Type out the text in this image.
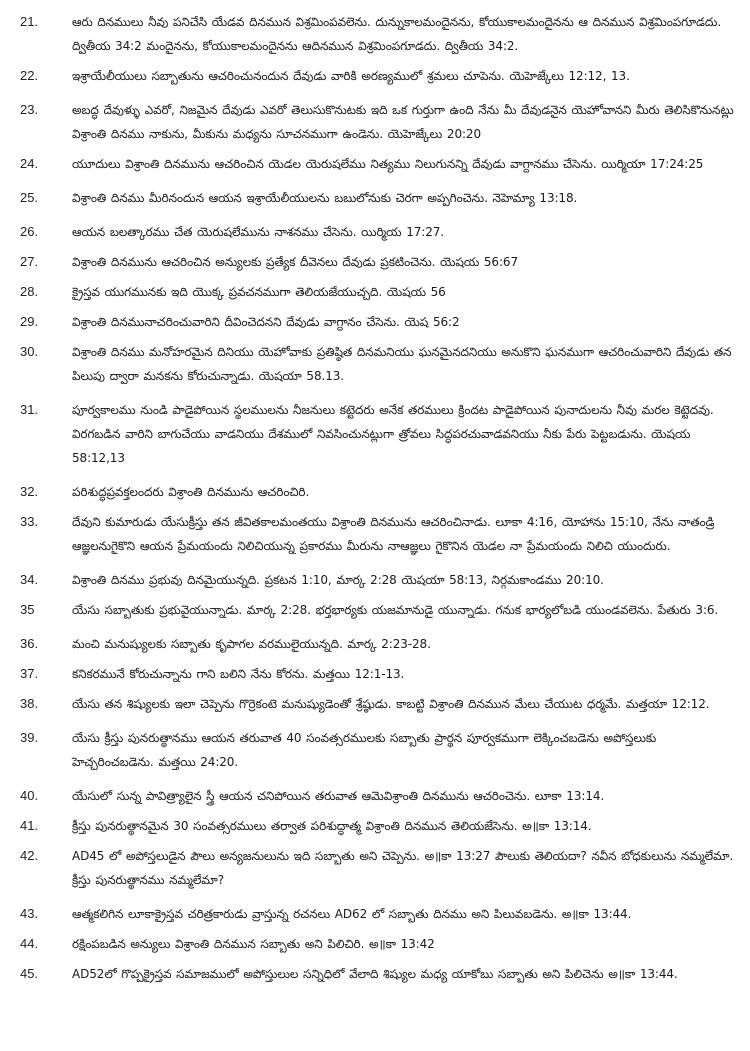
21.	ఆరు దినములు నీవు పనిచేసి యేడవ దినమున విశ్రమింపవలెను. దున్నుకాలమందైనను, కోయుకాలమందైనను ఆ దినమున విశ్రమింపగూడదు. ద్వితీయ 34:2 మందైనను, కోయుకాలమందైనను ఆదినమున విశ్రమింపగూడదు. ద్వితీయ 34:2.
22.	ఇశ్రాయేలీయులు సబ్బాతును ఆచరించునందున దేవుడు వారికి అరణ్యములో శ్రమలు చూపెను. యెహెజ్కేలు 12:12, 13.
23.	అబద్ధ దేవుళ్ళు ఎవరో, నిజమైన దేవుడు ఎవరో తెలుసుకొనుటకు ఇది ఒక గుర్తుగా ఉంది నేను మీ దేవుడనైన యెహోవానని మీరు తెలిసికొనునట్లు విశ్రాంతి దినము నాకును, మీకును మధ్యను సూచనముగా ఉండెను. యెహెజ్కేలు 20:20
24.	యూదులు విశ్రాంతి దినమును ఆచరించిన యెడల యెరుషలేము నిత్యము నిలుగునన్ని దేవుడు వాగ్దానము చేసెను. యిర్మియా 17:24:25
25.	విశ్రాంతి దినము మీరినందున ఆయన ఇశ్రాయేలీయులను బబులోనుకు చెరగా అప్పగించెను. నెహెమ్యా 13:18.
26.	ఆయన బలత్కారము చేత యెరుషలేమును నాశనము చేసెను. యిర్మియ 17:27.
27.	విశ్రాంతి దినమును ఆచరించిన అన్యులకు ప్రత్యేక దీవెనలు దేవుడు ప్రకటించెను. యెషయ 56:67
28.	క్రైస్తవ యుగమునకు ఇది యొక్క ప్రవచనముగా తెలియజేయుచ్చది. యెషయ 56
29.	విశ్రాంతి దినమునాచరించువారిని దీవించెదనని దేవుడు వాగ్దానం చేసెను. యెష 56:2
30.	విశ్రాంతి దినము మనోహరమైన దినియు యెహోవాకు ప్రతిష్ఠిత దినమనియు ఘనమైనదనియు అనుకొని ఘనముగా ఆచరించువారిని దేవుడు తన పిలుపు ద్వారా మనకను కోరుచున్నాడు. యెషయా 58.13.
31.	పూర్వకాలము నుండి పాడైపోయిన స్థలములను నీజనులు కట్టెదరు అనేక తరములు క్రిందట పాడైపోయిన పునాదులను నీవు మరల కెట్టెదవు. విరగబడిన వారిని బాగుచేయు వాడనియు దేశములో నివసించునట్లుగా త్రోవలు సిద్ధపరచువాడవనియు నీకు పేరు పెట్టబడును. యెషయ 58:12,13
32.	పరిశుద్ధప్రవక్తలందరు విశ్రాంతి దినమును ఆచరించిరి.
33.	దేవుని కుమారుడు యేసుక్రీస్తు తన జీవితకాలమంతయు విశ్రాంతి దినమును ఆచరించినాడు. లూకా 4:16, యోహాను 15:10, నేను నాతండ్రి ఆజ్ఞలనుగైకొని ఆయన ప్రేమయందు నిలిచియున్న ప్రకారము మీరును నాఆజ్ఞలు గైకొనిన యెడల నా ప్రేమయందు నిలిచి యుందురు.
34.	విశ్రాంతి దినము ప్రభువు దినమైయున్నది. ప్రకటన 1:10, మార్క 2:28 యెషయా 58:13, నిర్గమకాండము 20:10.
35	యేసు సబ్బాతుకు ప్రభువైయున్నాడు. మార్క 2:28. భర్తభార్యకు యజమానుడై యున్నాడు. గనుక భార్యలోబడి యుండవలెను. పేతురు 3:6.
36.	మంచి మనుష్యులకు సబ్బాతు కృపాగల వరములైయున్నది. మార్క 2:23-28.
37.	కనికరమునే కోరుచున్నాను గాని బలిని నేను కోరను. మత్తయి 12:1-13.
38.	యేసు తన శిష్యులకు ఇలా చెప్పెను గొర్రెకంటె మనుష్యుడెంతో శ్రేష్ఠుడు. కాబట్టి విశ్రాంతి దినమున మేలు చేయుట ధర్మమే. మత్తయా 12:12.
39.	యేసు క్రీస్తు పునరుత్థానము ఆయన తరువాత 40 సంవత్సరములకు సబ్బాతు ప్రార్థన పూర్వకముగా లెక్కించబడెను అపోస్తలుకు హెచ్చరించబడెను. మత్తయి 24:20.
40.	యేసులో సున్న పావిత్ర్యాలైన స్త్రీ ఆయన చనిపోయిన తరువాత ఆమెవిశ్రాంతి దినమును ఆచరించెను. లూకా 13:14.
41.	క్రీస్తు పునరుత్థానమైన 30 సంవత్సరములు తర్వాత పరిశుద్ధాత్మ విశ్రాంతి దినమున తెలియజేసెను. అ॥కా 13:14.
42.	AD45 లో అపోస్తలుడైన పౌలు అన్యజనులును ఇది సబ్బాతు అని చెప్పెను. అ॥కా 13:27 పౌలుకు తెలియదా? నవీన బోధకులును నమ్మలేమా. క్రీస్తు పునరుత్థానము నమ్మలేమా?
43.	ఆత్మకలిగిన లూకాక్రైస్తవ చరిత్రకారుడు వ్రాస్తున్న రచనలు AD62 లో సబ్బాతు దినము అని పిలువబడెను. అ॥కా 13:44.
44.	రక్షింపబడిన అన్యులు విశ్రాంతి దినమున సబ్బాతు అని పిలిచిరి. అ॥కా 13:42
45.	AD52లో గొప్పక్రైస్తవ సమాజములో అపోస్తులుల సన్నిధిలో వేలాది శిష్యుల మధ్య యాకోబు సబ్బాతు అని పిలిచెను అ॥కా 13:44.
